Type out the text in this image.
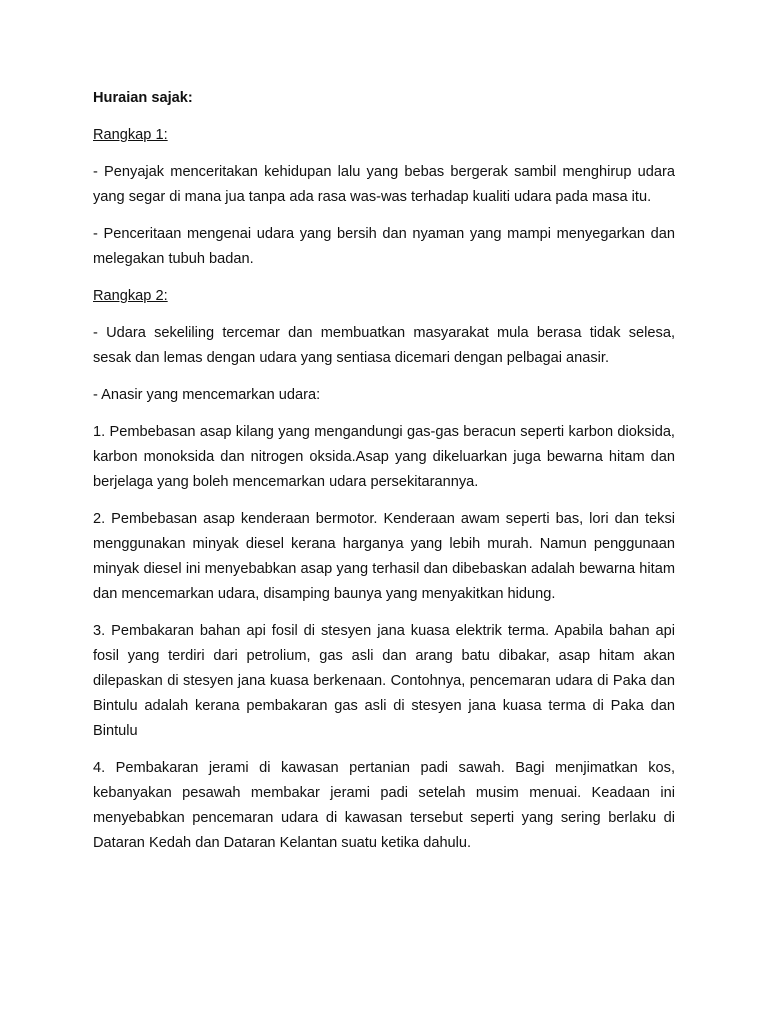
Huraian sajak:

Rangkap 1:

- Penyajak menceritakan kehidupan lalu yang bebas bergerak sambil menghirup udara yang segar di mana jua tanpa ada rasa was-was terhadap kualiti udara pada masa itu.

- Penceritaan mengenai udara yang bersih dan nyaman yang mampi menyegarkan dan melegakan tubuh badan.

Rangkap 2:

- Udara sekeliling tercemar dan membuatkan masyarakat mula berasa tidak selesa, sesak dan lemas dengan udara yang sentiasa dicemari dengan pelbagai anasir.

- Anasir yang mencemarkan udara:

1. Pembebasan asap kilang yang mengandungi gas-gas beracun seperti karbon dioksida, karbon monoksida dan nitrogen oksida.Asap yang dikeluarkan juga bewarna hitam dan berjelaga yang boleh mencemarkan udara persekitarannya.

2. Pembebasan asap kenderaan bermotor. Kenderaan awam seperti bas, lori dan teksi menggunakan minyak diesel kerana harganya yang lebih murah. Namun penggunaan minyak diesel ini menyebabkan asap yang terhasil dan dibebaskan adalah bewarna hitam dan mencemarkan udara, disamping baunya yang menyakitkan hidung.

3. Pembakaran bahan api fosil di stesyen jana kuasa elektrik terma. Apabila bahan api fosil yang terdiri dari petrolium, gas asli dan arang batu dibakar, asap hitam akan dilepaskan di stesyen jana kuasa berkenaan. Contohnya, pencemaran udara di Paka dan Bintulu adalah kerana pembakaran gas asli di stesyen jana kuasa terma di Paka dan Bintulu

4. Pembakaran jerami di kawasan pertanian padi sawah. Bagi menjimatkan kos, kebanyakan pesawah membakar jerami padi setelah musim menuai. Keadaan ini menyebabkan pencemaran udara di kawasan tersebut seperti yang sering berlaku di Dataran Kedah dan Dataran Kelantan suatu ketika dahulu.
